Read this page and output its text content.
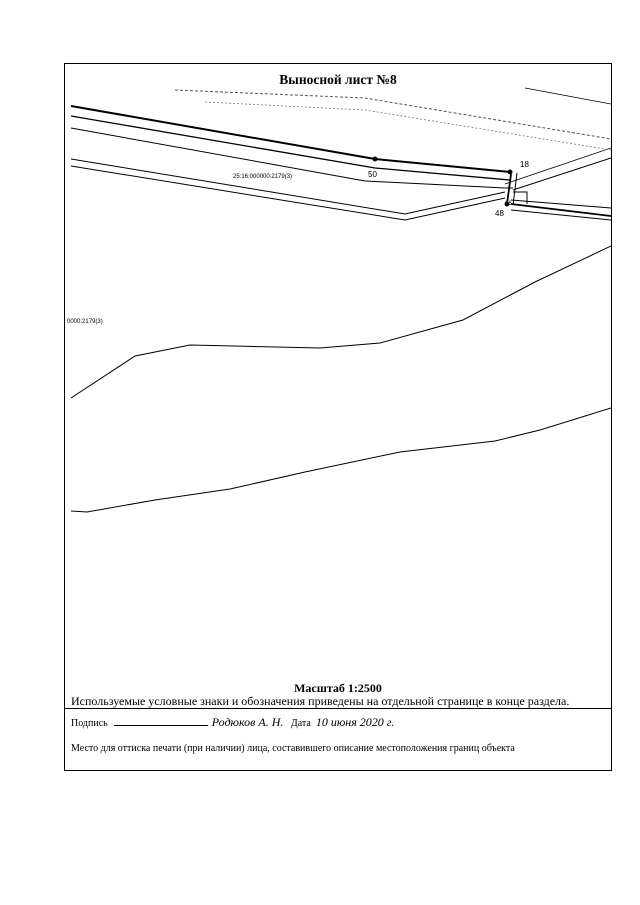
Выносной лист №8
25:16:000000:2179(3)
0000:2179(3)
50
18
48
16
Масштаб 1:2500
Используемые условные знаки и обозначения приведены на отдельной странице в конце раздела.
Подпись	Родюков А. Н. Дата 10 июня 2020 г.
Место для оттиска печати (при наличии) лица, составившего описание местоположения границ объекта
